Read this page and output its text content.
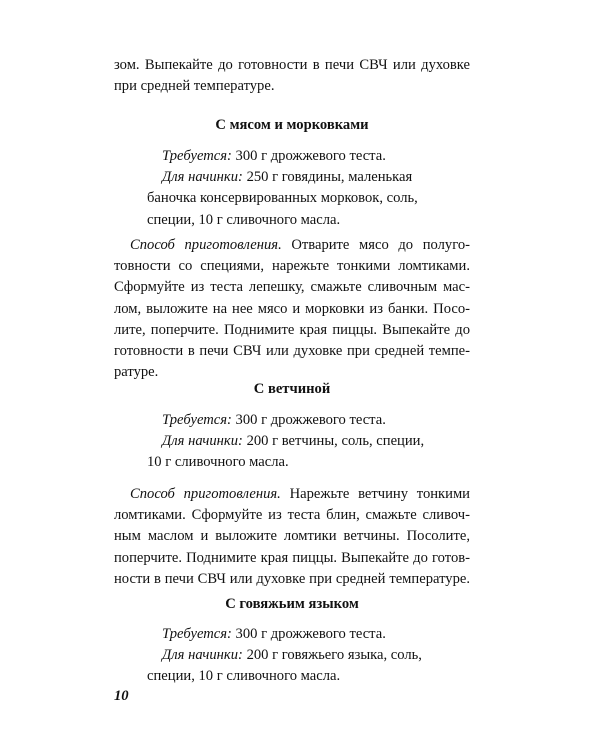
зом. Выпекайте до готовности в печи СВЧ или духовке
при средней температуре.
С мясом и морковками
Требуется: 300 г дрожжевого теста.
Для начинки: 250 г говядины, маленькая
баночка консервированных морковок, соль,
специи, 10 г сливочного масла.
Способ приготовления. Отварите мясо до полуго-
товности со специями, нарежьте тонкими ломтиками.
Сформуйте из теста лепешку, смажьте сливочным мас-
лом, выложите на нее мясо и морковки из банки. Посо-
лите, поперчите. Поднимите края пиццы. Выпекайте до
готовности в печи СВЧ или духовке при средней темпе-
ратуре.
С ветчиной
Требуется: 300 г дрожжевого теста.
Для начинки: 200 г ветчины, соль, специи,
10 г сливочного масла.
Способ приготовления. Нарежьте ветчину тонкими
ломтиками. Сформуйте из теста блин, смажьте сливоч-
ным маслом и выложите ломтики ветчины. Посолите,
поперчите. Поднимите края пиццы. Выпекайте до готов-
ности в печи СВЧ или духовке при средней температуре.
С говяжьим языком
Требуется: 300 г дрожжевого теста.
Для начинки: 200 г говяжьего языка, соль,
специи, 10 г сливочного масла.
10
